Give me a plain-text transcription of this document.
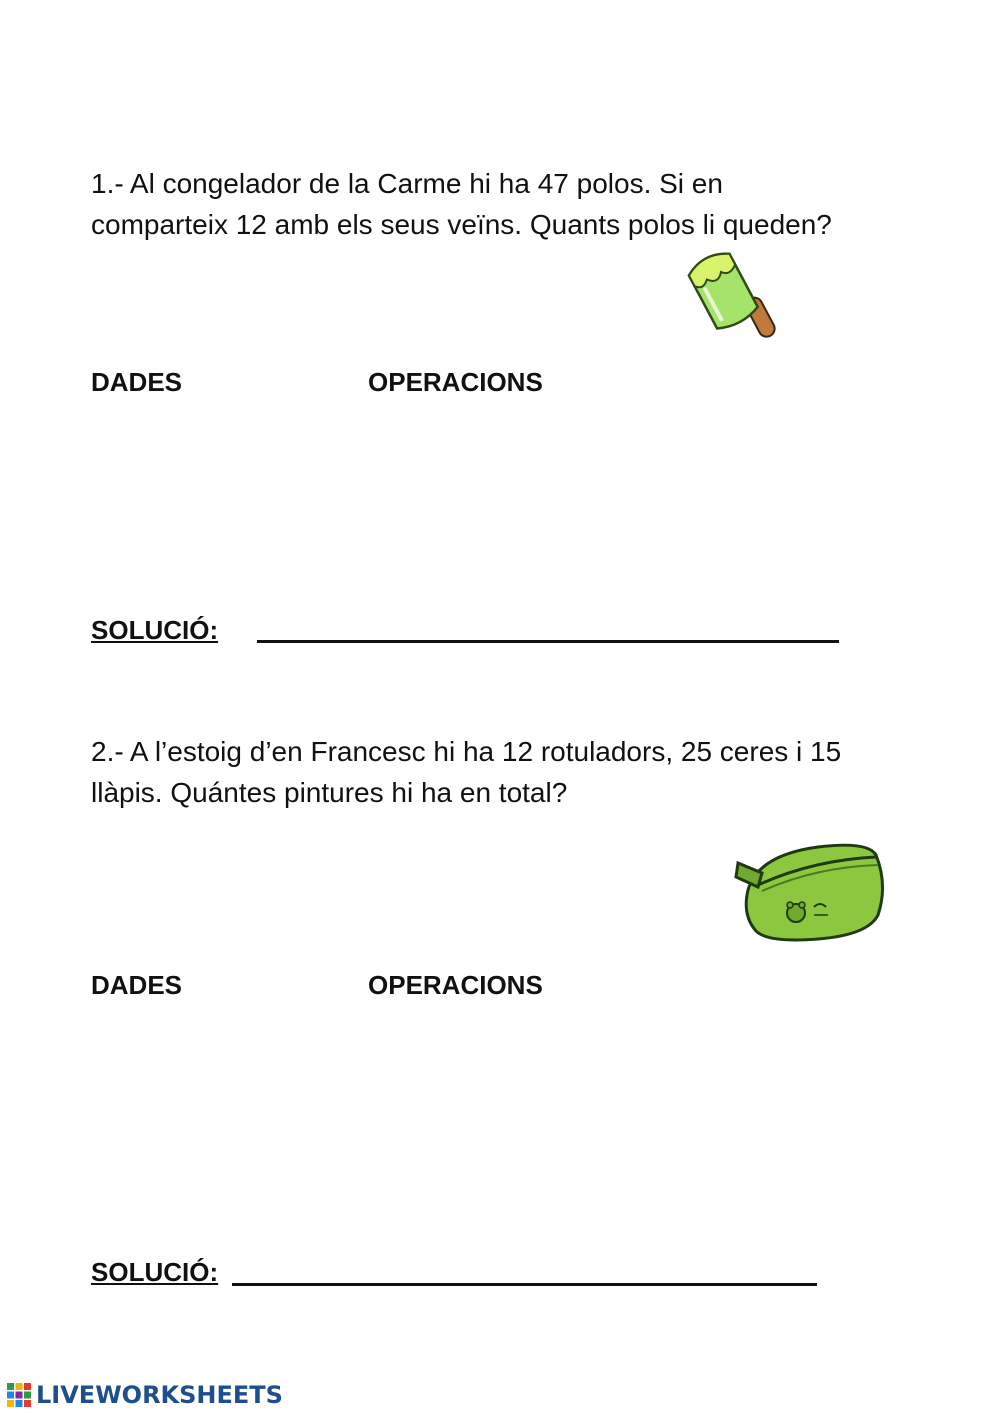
1.- Al congelador de la Carme hi ha 47 polos. Si en
comparteix 12 amb els seus veïns. Quants polos li queden?

DADES	OPERACIONS
SOLUCIÓ:

2.- A l’estoig d’en Francesc hi ha 12 rotuladors, 25 ceres i 15
llàpis. Quántes pintures hi ha en total?

DADES	OPERACIONS
SOLUCIÓ:
LIVEWORKSHEETS
